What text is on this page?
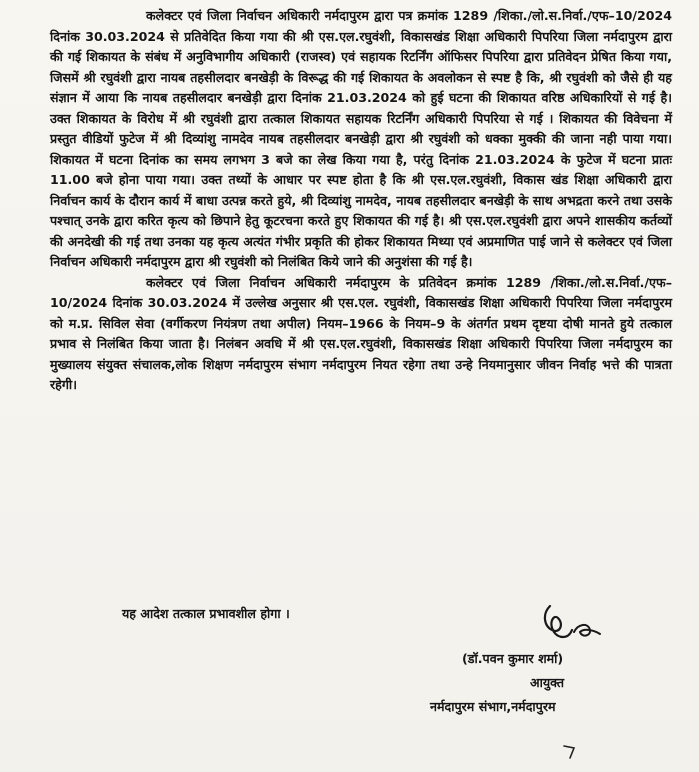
कलेक्टर एवं जिला निर्वाचन अधिकारी नर्मदापुरम द्वारा पत्र क्रमांक 1289 /शिका./लो.स.निर्वा./एफ–10/2024 दिनांक 30.03.2024 से प्रतिवेदित किया गया की श्री एस.एल.रघुवंशी, विकासखंड शिक्षा अधिकारी पिपरिया जिला नर्मदापुरम द्वारा की गई शिकायत के संबंध में अनुविभागीय अधिकारी (राजस्व) एवं सहायक रिटर्निंग ऑफिसर पिपरिया द्वारा प्रतिवेदन प्रेषित किया गया, जिसमें श्री रघुवंशी द्वारा नायब तहसीलदार बनखेड़ी के विरूद्ध की गई शिकायत के अवलोकन से स्पष्ट है कि, श्री रघुवंशी को जैसे ही यह संज्ञान में आया कि नायब तहसीलदार बनखेड़ी द्वारा दिनांक 21.03.2024 को हुई घटना की शिकायत वरिष्ठ अधिकारियों से गई है। उक्त शिकायत के विरोध में श्री रघुवंशी द्वारा तत्काल शिकायत सहायक रिटर्निंग अधिकारी पिपरिया से गई । शिकायत की विवेचना में प्रस्तुत वीडियों फुटेज में श्री दिव्यांशु नामदेव नायब तहसीलदार बनखेड़ी द्वारा श्री रघुवंशी को धक्का मुक्की की जाना नही पाया गया। शिकायत में घटना दिनांक का समय लगभग 3 बजे का लेख किया गया है, परंतु दिनांक 21.03.2024 के फुटेज में घटना प्रातः 11.00 बजे होना पाया गया। उक्त तथ्यों के आधार पर स्पष्ट होता है कि श्री एस.एल.रघुवंशी, विकास खंड शिक्षा अधिकारी द्वारा निर्वाचन कार्य के दौरान कार्य में बाधा उत्पन्न करते हुये, श्री दिव्यांशु नामदेव, नायब तहसीलदार बनखेड़ी के साथ अभद्रता करने तथा उसके पश्चात् उनके द्वारा करित कृत्य को छिपाने हेतु कूटरचना करते हुए शिकायत की गई है। श्री एस.एल.रघुवंशी द्वारा अपने शासकीय कर्तव्यों की अनदेखी की गई तथा उनका यह कृत्य अत्यंत गंभीर प्रकृति की होकर शिकायत मिथ्या एवं अप्रमाणित पाई जाने से कलेक्टर एवं जिला निर्वाचन अधिकारी नर्मदापुरम द्वारा श्री रघुवंशी को निलंबित किये जाने की अनुशंसा की गई है।

कलेक्टर एवं जिला निर्वाचन अधिकारी नर्मदापुरम के प्रतिवेदन क्रमांक 1289 /शिका./लो.स.निर्वा./एफ–10/2024 दिनांक 30.03.2024 में उल्लेख अनुसार श्री एस.एल. रघुवंशी, विकासखंड शिक्षा अधिकारी पिपरिया जिला नर्मदापुरम को म.प्र. सिविल सेवा (वर्गीकरण नियंत्रण तथा अपील) नियम–1966 के नियम–9 के अंतर्गत प्रथम दृष्टया दोषी मानते हुये तत्काल प्रभाव से निलंबित किया जाता है। निलंबन अवधि में श्री एस.एल.रघुवंशी, विकासखंड शिक्षा अधिकारी पिपरिया जिला नर्मदापुरम का मुख्यालय संयुक्त संचालक,लोक शिक्षण नर्मदापुरम संभाग नर्मदापुरम नियत रहेगा तथा उन्हे नियमानुसार जीवन निर्वाह भत्ते की पात्रता रहेगी।

यह आदेश तत्काल प्रभावशील होगा ।
(डॉ.पवन कुमार शर्मा)
आयुक्त
नर्मदापुरम संभाग,नर्मदापुरम
